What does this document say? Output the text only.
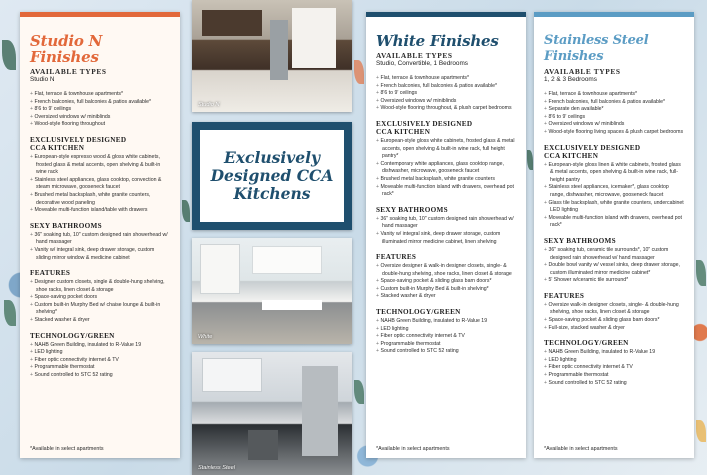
Studio N Finishes
AVAILABLE TYPES
Studio N
+ Flat, terrace & townhouse apartments*
+ French balconies, full balconies & patios available*
+ 8'6 to 9' ceilings
+ Oversized windows w/ miniblinds
+ Wood-style flooring throughout
EXCLUSIVELY DESIGNED
CCA KITCHEN
+ European-style espresso wood & gloss white cabinets, frosted glass & metal accents, open shelving & built-in wine rack
+ Stainless steel appliances, glass cooktop, convection & steam microwave, gooseneck faucet
+ Brushed metal backsplash, white granite counters, decorative wood paneling
+ Moveable multi-function island/table with drawers
SEXY BATHROOMS
+ 36" soaking tub, 10" custom designed rain showerhead w/ hand massager
+ Vanity w/ integral sink, deep drawer storage, custom sliding mirror window & medicine cabinet
FEATURES
+ Designer custom closets, single & double-hung shelving, shoe racks, linen closet & storage
+ Space-saving pocket doors
+ Custom built-in Murphy Bed w/ chaise lounge & built-in shelving*
+ Stacked washer & dryer
TECHNOLOGY/GREEN
+ NAHB Green Building, insulated to R-Value 19
+ LED lighting
+ Fiber optic connectivity internet & TV
+ Programmable thermostat
+ Sound controlled to STC 52 rating
*Available in select apartments
Studio N
Exclusively
Designed CCA
Kitchens
White
Stainless Steel
White Finishes
AVAILABLE TYPES
Studio, Convertible, 1 Bedrooms
+ Flat, terrace & townhouse apartments*
+ French balconies, full balconies & patios available*
+ 8'6 to 9' ceilings
+ Oversized windows w/ miniblinds
+ Wood-style flooring throughout, & plush carpet bedrooms
EXCLUSIVELY DESIGNED
CCA KITCHEN
+ European-style gloss white cabinets, frosted glass & metal accents, open shelving & built-in wine rack, full height pantry*
+ Contemporary white appliances, glass cooktop range, dishwasher, microwave, gooseneck faucet
+ Brushed metal backsplash, white granite counters
+ Moveable multi-function island with drawers, overhead pot rack*
SEXY BATHROOMS
+ 36" soaking tub, 10" custom designed rain showerhead w/ hand massager
+ Vanity w/ integral sink, deep drawer storage, custom illuminated mirror medicine cabinet, linen shelving
FEATURES
+ Oversize designer & walk-in designer closets, single- & double-hung shelving, shoe racks, linen closet & storage
+ Space-saving pocket & sliding glass barn doors*
+ Custom built-in Murphy Bed & built-in shelving*
+ Stacked washer & dryer
TECHNOLOGY/GREEN
+ NAHB Green Building, insulated to R-Value 19
+ LED lighting
+ Fiber optic connectivity internet & TV
+ Programmable thermostat
+ Sound controlled to STC 52 rating
*Available in select apartments
Stainless Steel Finishes
AVAILABLE TYPES
1, 2 & 3 Bedrooms
+ Flat, terrace & townhouse apartments*
+ French balconies, full balconies & patios available*
+ Separate den available*
+ 8'6 to 9' ceilings
+ Oversized windows w/ miniblinds
+ Wood-style flooring living spaces & plush carpet bedrooms
EXCLUSIVELY DESIGNED
CCA KITCHEN
+ European-style gloss linen & white cabinets, frosted glass & metal accents, open shelving & built-in wine rack, full-height pantry
+ Stainless steel appliances, icemaker*, glass cooktop range, dishwasher, microwave, gooseneck faucet
+ Glass tile backsplash, white granite counters, undercabinet LED lighting
+ Moveable multi-function island with drawers, overhead pot rack*
SEXY BATHROOMS
+ 36" soaking tub, ceramic tile surrounds*, 10" custom designed rain showerhead w/ hand massager
+ Double bowl vanity w/ vessel sinks, deep drawer storage, custom illuminated mirror medicine cabinet*
+ 5' Shower w/ceramic tile surround*
FEATURES
+ Oversize walk-in designer closets, single- & double-hung shelving, shoe racks, linen closet & storage
+ Space-saving pocket & sliding glass barn doors*
+ Full-size, stacked washer & dryer
TECHNOLOGY/GREEN
+ NAHB Green Building, insulated to R-Value 19
+ LED lighting
+ Fiber optic connectivity internet & TV
+ Programmable thermostat
+ Sound controlled to STC 52 rating
*Available in select apartments
